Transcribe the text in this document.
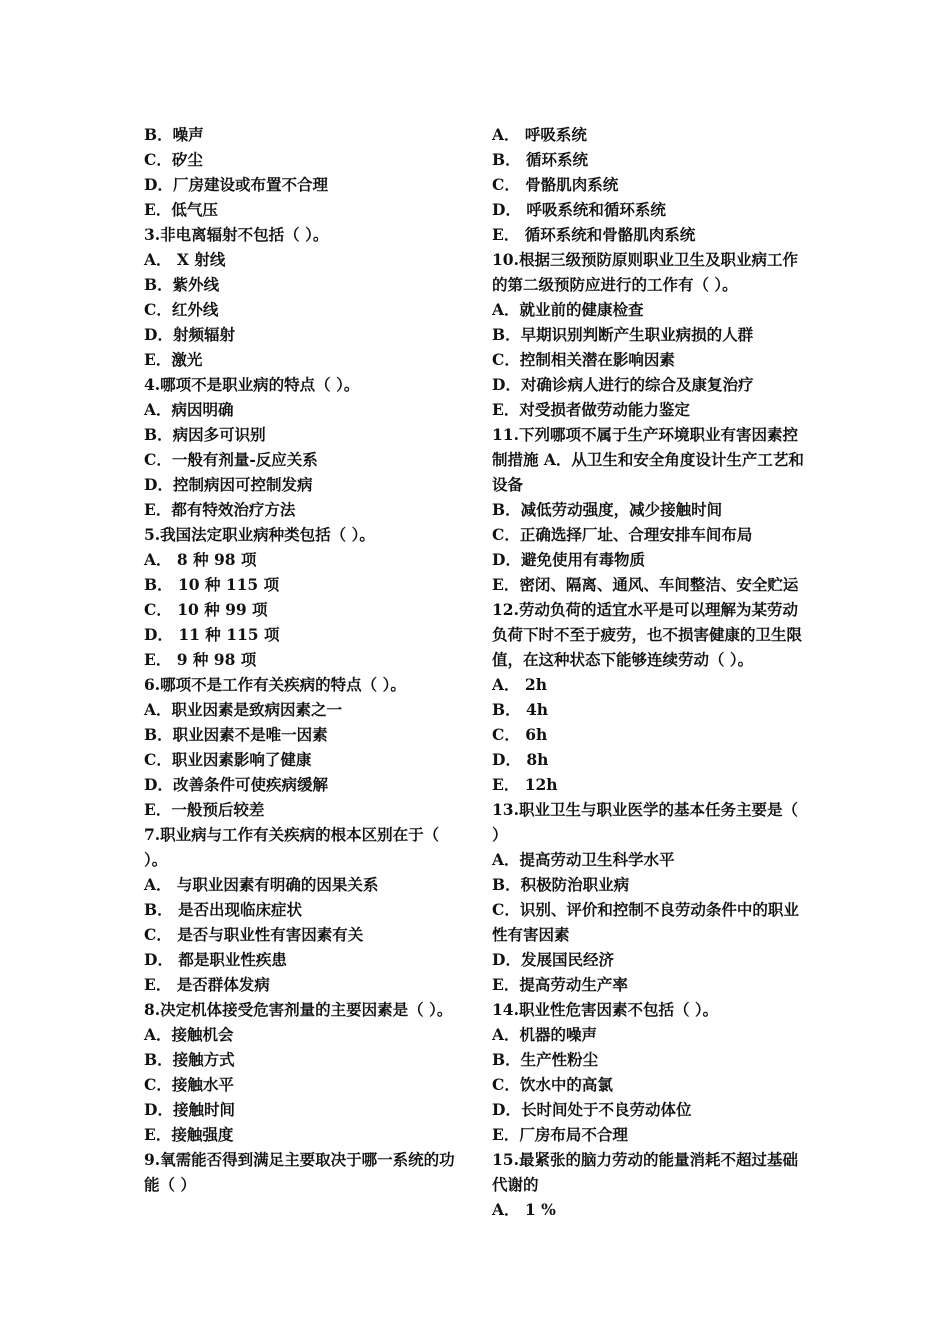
B．噪声
C．矽尘
D．厂房建设或布置不合理
E．低气压
3.非电离辐射不包括（ ）。
A． X 射线
B．紫外线
C．红外线
D．射频辐射
E．激光
4.哪项不是职业病的特点（ ）。
A．病因明确
B．病因多可识别
C．一般有剂量-反应关系
D．控制病因可控制发病
E．都有特效治疗方法
5.我国法定职业病种类包括（ ）。
A． 8 种 98 项
B． 10 种 115 项
C． 10 种 99 项
D． 11 种 115 项
E． 9 种 98 项
6.哪项不是工作有关疾病的特点（ ）。
A．职业因素是致病因素之一
B．职业因素不是唯一因素
C．职业因素影响了健康
D．改善条件可使疾病缓解
E．一般预后较差
7.职业病与工作有关疾病的根本区别在于（ ）。
A． 与职业因素有明确的因果关系
B． 是否出现临床症状
C． 是否与职业性有害因素有关
D． 都是职业性疾患
E． 是否群体发病
8.决定机体接受危害剂量的主要因素是（ ）。
A．接触机会
B．接触方式
C．接触水平
D．接触时间
E．接触强度
9.氧需能否得到满足主要取决于哪一系统的功能（ ）
A． 呼吸系统
B． 循环系统
C． 骨骼肌肉系统
D． 呼吸系统和循环系统
E． 循环系统和骨骼肌肉系统
10.根据三级预防原则职业卫生及职业病工作的第二级预防应进行的工作有（ ）。
A．就业前的健康检查
B．早期识别判断产生职业病损的人群
C．控制相关潜在影响因素
D．对确诊病人进行的综合及康复治疗
E．对受损者做劳动能力鉴定
11.下列哪项不属于生产环境职业有害因素控制措施 A．从卫生和安全角度设计生产工艺和设备
B．减低劳动强度，减少接触时间
C．正确选择厂址、合理安排车间布局
D．避免使用有毒物质
E．密闭、隔离、通风、车间整洁、安全贮运
12.劳动负荷的适宜水平是可以理解为某劳动负荷下时不至于疲劳，也不损害健康的卫生限值，在这种状态下能够连续劳动（ ）。
A． 2h
B． 4h
C． 6h
D． 8h
E． 12h
13.职业卫生与职业医学的基本任务主要是（ ）
A．提高劳动卫生科学水平
B．积极防治职业病
C．识别、评价和控制不良劳动条件中的职业性有害因素
D．发展国民经济
E．提高劳动生产率
14.职业性危害因素不包括（ ）。
A．机器的噪声
B．生产性粉尘
C．饮水中的高氯
D．长时间处于不良劳动体位
E．厂房布局不合理
15.最紧张的脑力劳动的能量消耗不超过基础代谢的
A． 1 %
